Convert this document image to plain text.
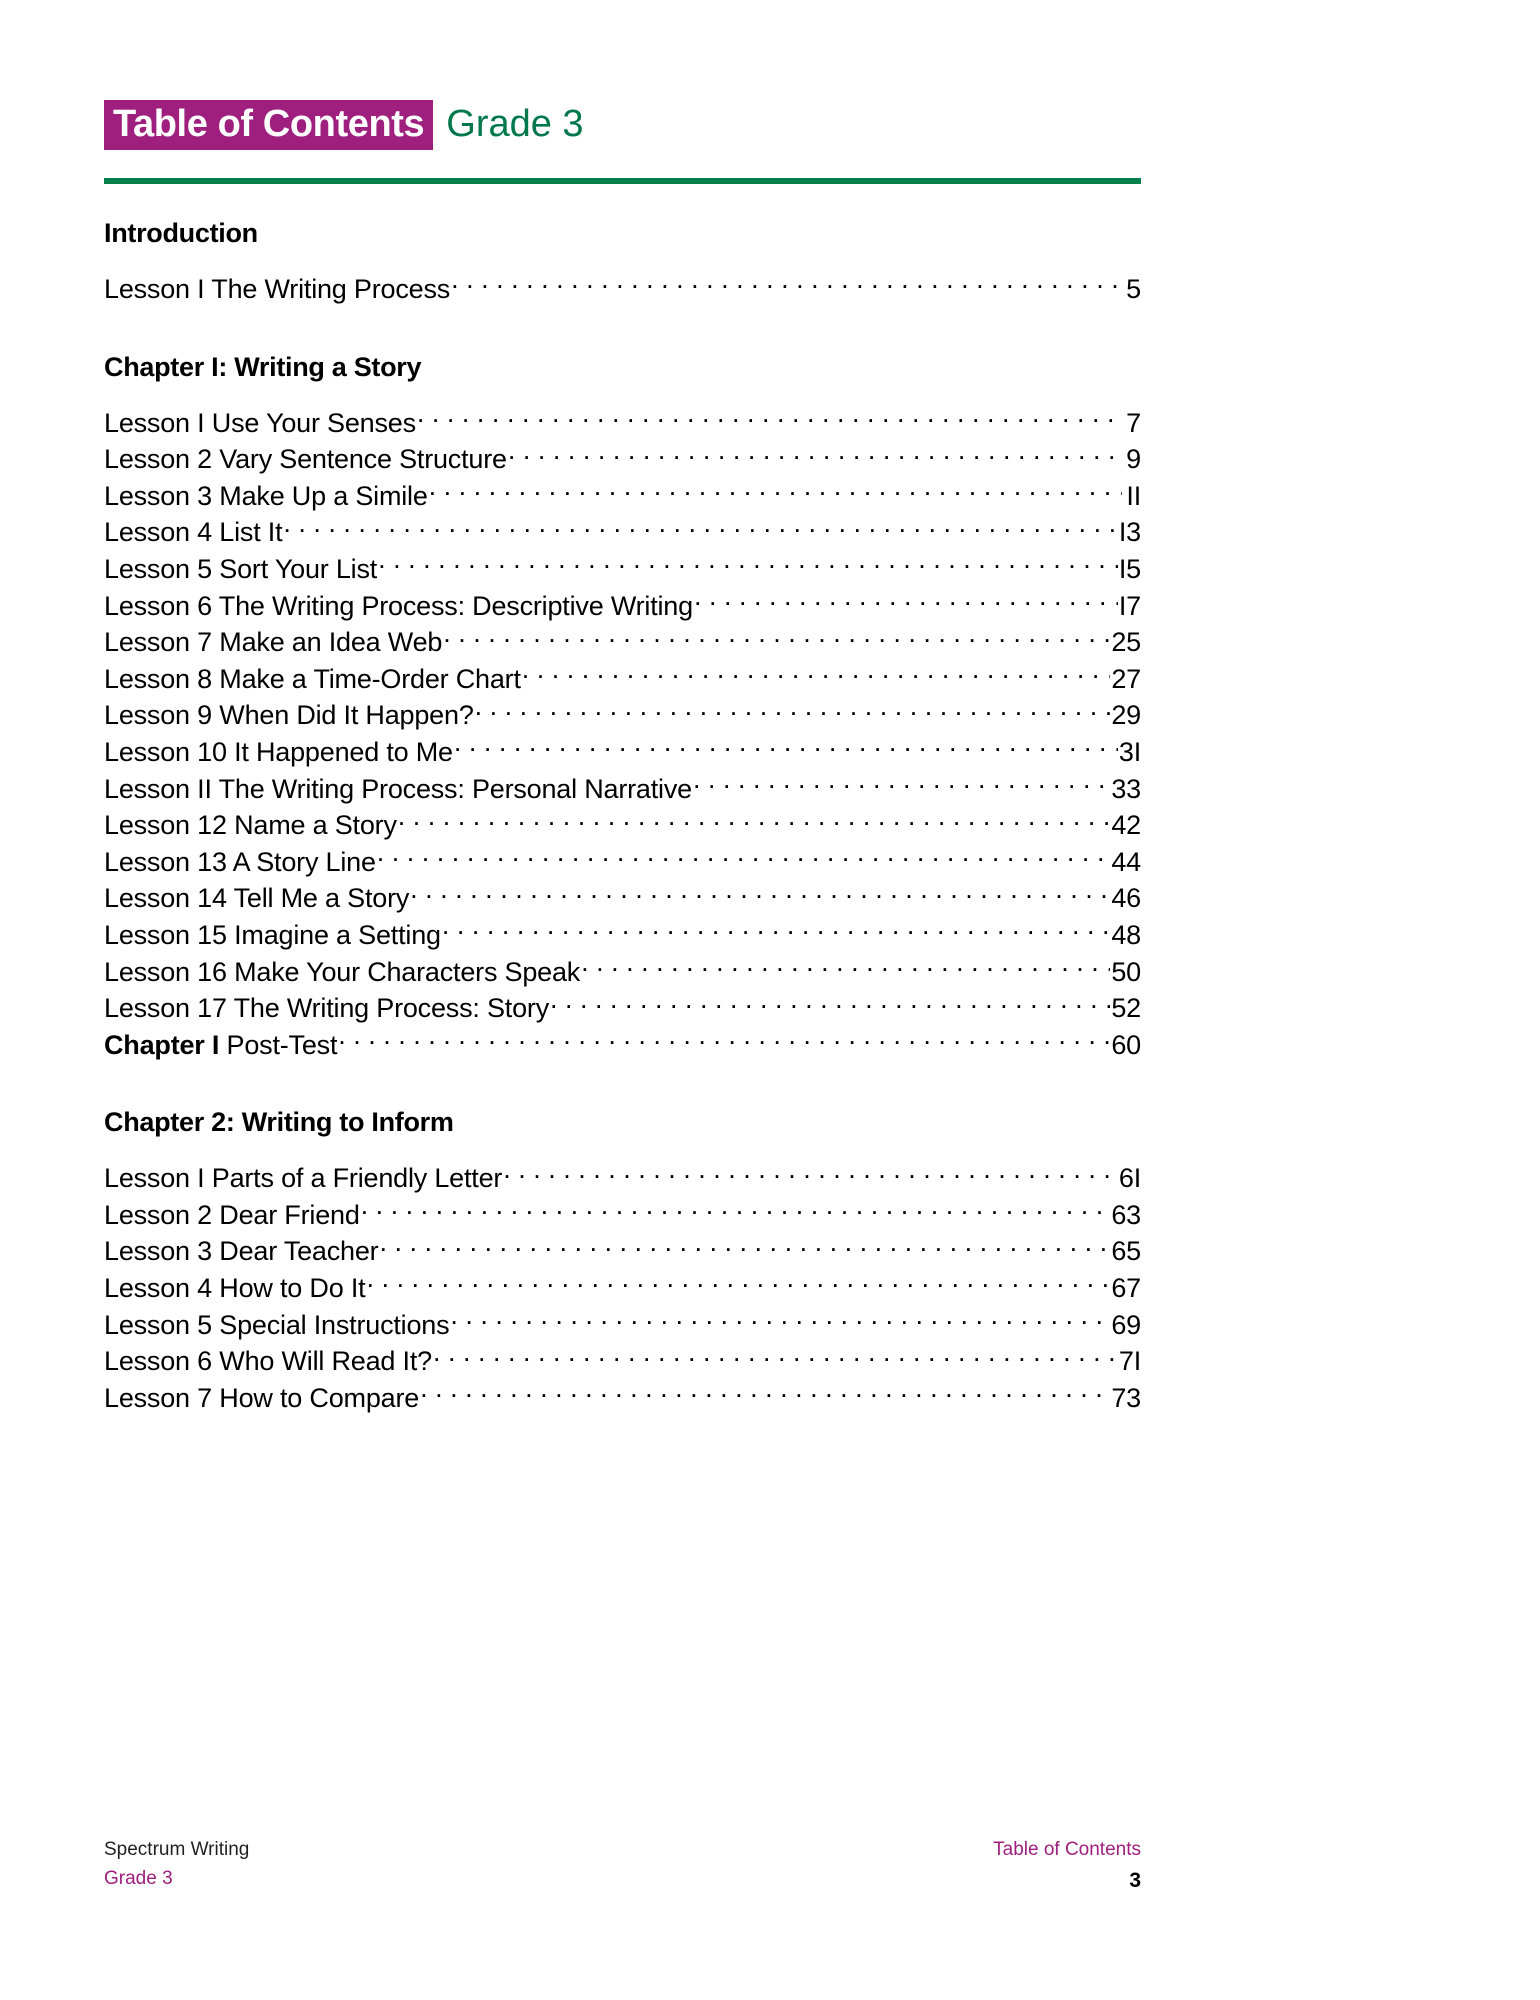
Table of Contents Grade 3
Introduction
Lesson I The Writing Process . . .	5
Chapter I: Writing a Story
Lesson I Use Your Senses . . .	7
Lesson 2 Vary Sentence Structure . . .	9
Lesson 3 Make Up a Simile . . .	II
Lesson 4 List It . . .	I3
Lesson 5 Sort Your List . . .	I5
Lesson 6 The Writing Process: Descriptive Writing . . .	I7
Lesson 7 Make an Idea Web . . .	25
Lesson 8 Make a Time-Order Chart . . .	27
Lesson 9 When Did It Happen? . . .	29
Lesson 10 It Happened to Me . . .	3I
Lesson II The Writing Process: Personal Narrative . . .	33
Lesson 12 Name a Story . . .	42
Lesson 13 A Story Line . . .	44
Lesson 14 Tell Me a Story . . .	46
Lesson 15 Imagine a Setting . . .	48
Lesson 16 Make Your Characters Speak . . .	50
Lesson 17 The Writing Process: Story . . .	52
Chapter I Post-Test . . .	60
Chapter 2: Writing to Inform
Lesson I Parts of a Friendly Letter . . .	6I
Lesson 2 Dear Friend . . .	63
Lesson 3 Dear Teacher . . .	65
Lesson 4 How to Do It . . .	67
Lesson 5 Special Instructions . . .	69
Lesson 6 Who Will Read It? . . .	7I
Lesson 7 How to Compare . . .	73
Spectrum Writing
Grade 3
Table of Contents
3
